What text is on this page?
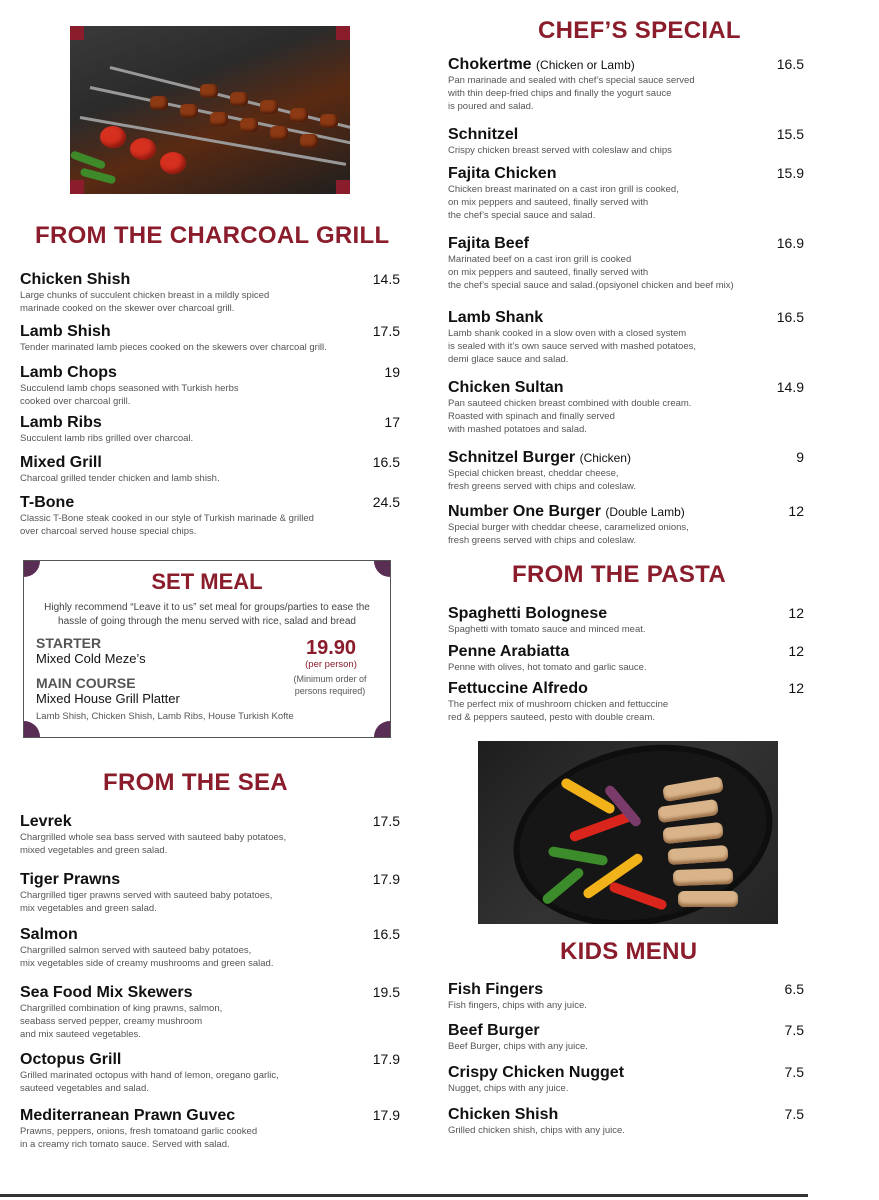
FROM THE CHARCOAL GRILL
Chicken Shish	14.5
Large chunks of succulent chicken breast in a mildly spiced
marinade cooked on the skewer over charcoal grill.
Lamb Shish	17.5
Tender marinated lamb pieces cooked on the skewers over charcoal grill.
Lamb Chops	19
Succulend lamb chops seasoned with Turkish herbs
cooked over charcoal grill.
Lamb Ribs	17
Succulent lamb ribs grilled over charcoal.
Mixed Grill	16.5
Charcoal grilled tender chicken and lamb shish.
T-Bone	24.5
Classic T-Bone steak cooked in our style of Turkish marinade & grilled
over charcoal served house special chips.
FROM THE SEA
Levrek	17.5
Chargrilled whole sea bass served with sauteed baby potatoes,
mixed vegetables and green salad.
Tiger Prawns	17.9
Chargrilled tiger prawns served with sauteed baby potatoes,
mix vegetables and green salad.
Salmon	16.5
Chargrilled salmon served with sauteed baby potatoes,
mix vegetables side of creamy mushrooms and green salad.
Sea Food Mix Skewers	19.5
Chargrilled combination of king prawns, salmon,
seabass served pepper, creamy mushroom
and mix sauteed vegetables.
Octopus Grill	17.9
Grilled marinated octopus with hand of lemon, oregano garlic,
sauteed vegetables and salad.
Mediterranean Prawn Guvec	17.9
Prawns, peppers, onions, fresh tomatoand garlic cooked
in a creamy rich tomato sauce. Served with salad.
SET MEAL
Highly recommend “Leave it to us” set meal for groups/parties to ease the hassle of going through the menu served with rice, salad and bread
STARTER
Mixed Cold Meze’s
MAIN COURSE
Mixed House Grill Platter
19.90
(per person)
(Minimum order of
persons required)
Lamb Shish, Chicken Shish, Lamb Ribs, House Turkish Kofte
CHEF’S SPECIAL
Chokertme (Chicken or Lamb)	16.5
Pan marinade and sealed with chef’s special sauce served
with thin deep-fried chips and finally the yogurt sauce
is poured and salad.
Schnitzel	15.5
Crispy chicken breast served with coleslaw and chips
Fajita Chicken	15.9
Chicken breast marinated on a cast iron grill is cooked,
on mix peppers and sauteed, finally served with
the chef’s special sauce and salad.
Fajita Beef	16.9
Marinated beef on a cast iron grill is cooked
on mix peppers and sauteed, finally served with
the chef’s special sauce and salad.(opsiyonel chicken and beef mix)
Lamb Shank	16.5
Lamb shank cooked in a slow oven with a closed system
is sealed with it’s own sauce served with mashed potatoes,
demi glace sauce and salad.
Chicken Sultan	14.9
Pan sauteed chicken breast combined with double cream.
Roasted with spinach and finally served
with mashed potatoes and salad.
Schnitzel Burger (Chicken)	9
Special chicken breast, cheddar cheese,
fresh greens served with chips and coleslaw.
Number One Burger (Double Lamb)	12
Special burger with cheddar cheese, caramelized onions,
fresh greens served with chips and coleslaw.
FROM THE PASTA
Spaghetti Bolognese	12
Spaghetti with tomato sauce and minced meat.
Penne Arabiatta	12
Penne with olives, hot tomato and garlic sauce.
Fettuccine Alfredo	12
The perfect mix of mushroom chicken and fettuccine
red & peppers sauteed, pesto with double cream.
KIDS MENU
Fish Fingers	6.5
Fish fingers, chips with any juice.
Beef Burger	7.5
Beef Burger, chips with any juice.
Crispy Chicken Nugget	7.5
Nugget, chips with any juice.
Chicken Shish	7.5
Grilled chicken shish, chips with any juice.
